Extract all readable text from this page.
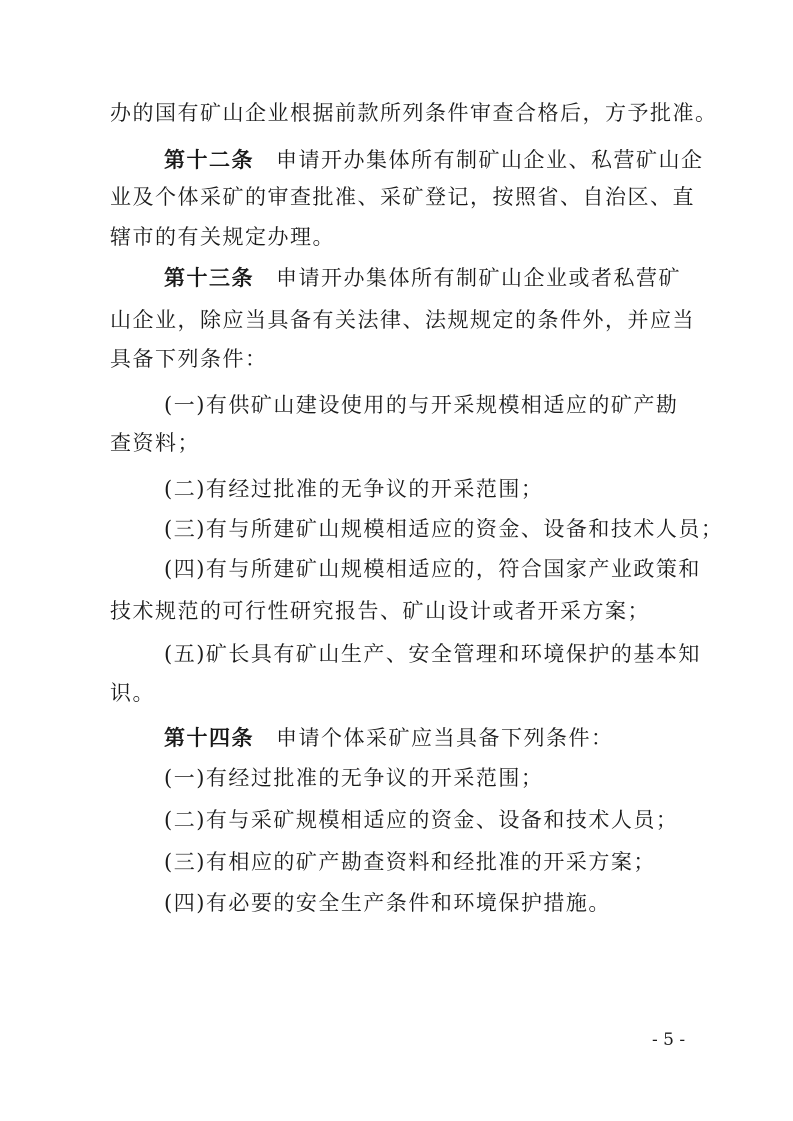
办的国有矿山企业根据前款所列条件审查合格后，方予批准。
第十二条 申请开办集体所有制矿山企业、私营矿山企
业及个体采矿的审查批准、采矿登记，按照省、自治区、直
辖市的有关规定办理。
第十三条 申请开办集体所有制矿山企业或者私营矿
山企业，除应当具备有关法律、法规规定的条件外，并应当
具备下列条件：
(一)有供矿山建设使用的与开采规模相适应的矿产勘
查资料；
(二)有经过批准的无争议的开采范围；
(三)有与所建矿山规模相适应的资金、设备和技术人员；
(四)有与所建矿山规模相适应的，符合国家产业政策和
技术规范的可行性研究报告、矿山设计或者开采方案；
(五)矿长具有矿山生产、安全管理和环境保护的基本知
识。
第十四条 申请个体采矿应当具备下列条件：
(一)有经过批准的无争议的开采范围；
(二)有与采矿规模相适应的资金、设备和技术人员；
(三)有相应的矿产勘查资料和经批准的开采方案；
(四)有必要的安全生产条件和环境保护措施。
- 5 -
